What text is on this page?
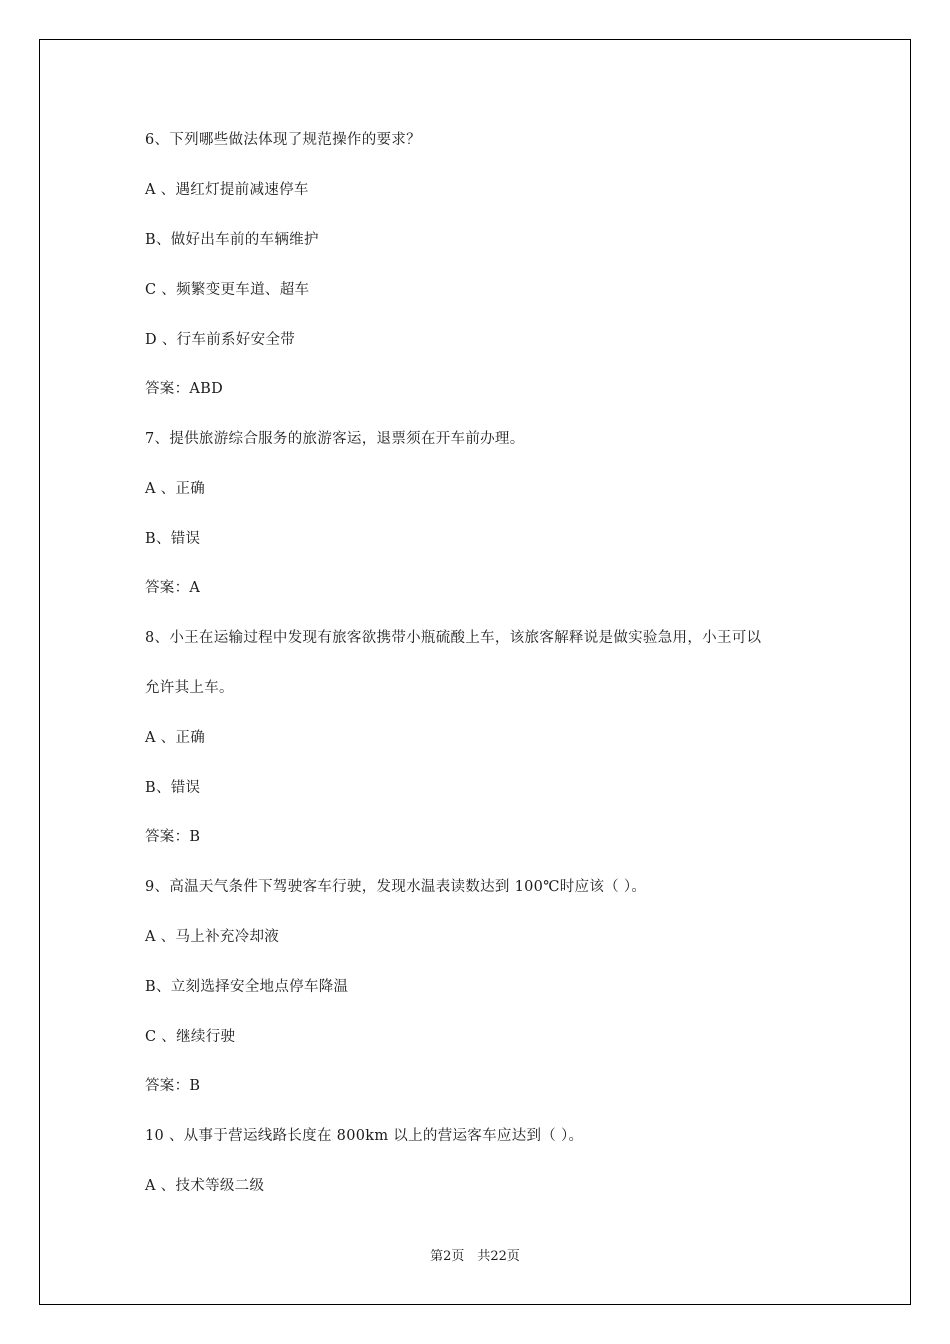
6、下列哪些做法体现了规范操作的要求？
A 、遇红灯提前减速停车
B、做好出车前的车辆维护
C 、频繁变更车道、超车
D 、行车前系好安全带
答案：ABD
7、提供旅游综合服务的旅游客运，退票须在开车前办理。
A 、正确
B、错误
答案：A
8、小王在运输过程中发现有旅客欲携带小瓶硫酸上车，该旅客解释说是做实验急用，小王可以
允许其上车。
A 、正确
B、错误
答案：B
9、高温天气条件下驾驶客车行驶，发现水温表读数达到 100℃时应该（ ）。
A 、马上补充冷却液
B、立刻选择安全地点停车降温
C 、继续行驶
答案：B
10 、从事于营运线路长度在 800km 以上的营运客车应达到（ ）。
A 、技术等级二级
第2页　共22页
